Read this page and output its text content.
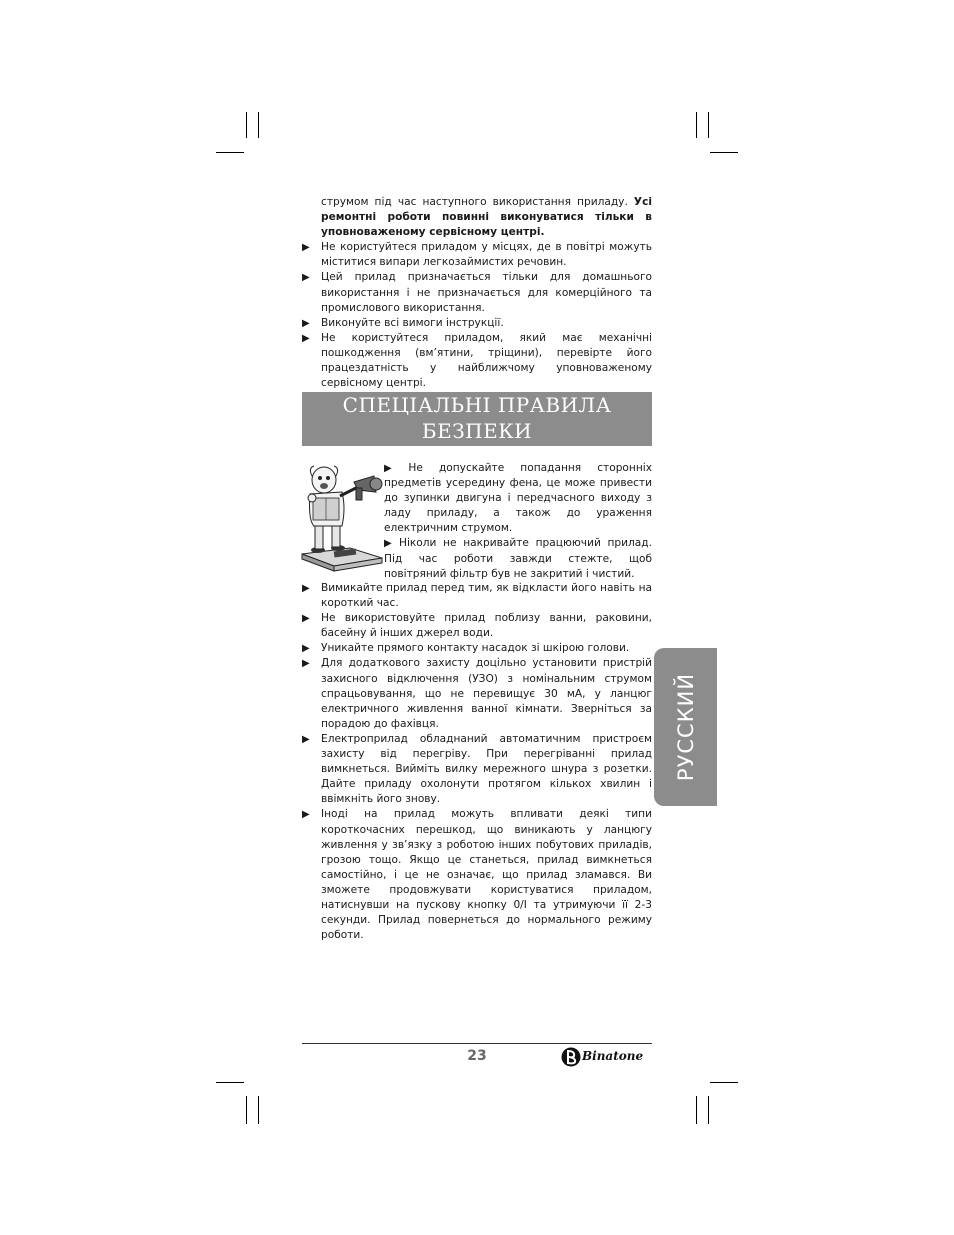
струмом під час наступного використання приладу. Усі ремонтні роботи повинні виконуватися тільки в уповноваженому сервісному центрі.

▶ Не користуйтеся приладом у місцях, де в повітрі можуть міститися випари легкозаймистих речовин.

▶ Цей прилад призначається тільки для домашнього використання і не призначається для комерційного та промислового використання.

▶ Виконуйте всі вимоги інструкції.

▶ Не користуйтеся приладом, який має механічні пошкодження (вм’ятини, тріщини), перевірте його працездатність у найближчому уповноваженому сервісному центрі.

СПЕЦІАЛЬНІ ПРАВИЛА
БЕЗПЕКИ

▶ Не допускайте попадання сторонніх предметів усередину фена, це може привести до зупинки двигуна і передчасного виходу з ладу приладу, а також до ураження електричним струмом.

▶ Ніколи не накривайте працюючий прилад. Під час роботи завжди стежте, щоб повітряний фільтр був не закритий і чистий.

▶ Вимикайте прилад перед тим, як відкласти його навіть на короткий час.

▶ Не використовуйте прилад поблизу ванни, раковини, басейну й інших джерел води.

▶ Уникайте прямого контакту насадок зі шкірою голови.

▶ Для додаткового захисту доцільно установити пристрій захисного відключення (УЗО) з номінальним струмом спрацьовування, що не перевищує 30 мА, у ланцюг електричного живлення ванної кімнати. Зверніться за порадою до фахівця.

▶ Електроприлад обладнаний автоматичним пристроєм захисту від перегріву. При перегріванні прилад вимкнеться. Вийміть вилку мережного шнура з розетки. Дайте приладу охолонути протягом кількох хвилин і ввімкніть його знову.

▶ Іноді на прилад можуть впливати деякі типи короткочасних перешкод, що виникають у ланцюгу живлення у зв’язку з роботою інших побутових приладів, грозою тощо. Якщо це станеться, прилад вимкнеться самостійно, і це не означає, що прилад зламався. Ви зможете продовжувати користуватися приладом, натиснувши на пускову кнопку 0/I та утримуючи її 2-3 секунди. Прилад повернеться до нормального режиму роботи.

РУССКИЙ
23	Binatone
